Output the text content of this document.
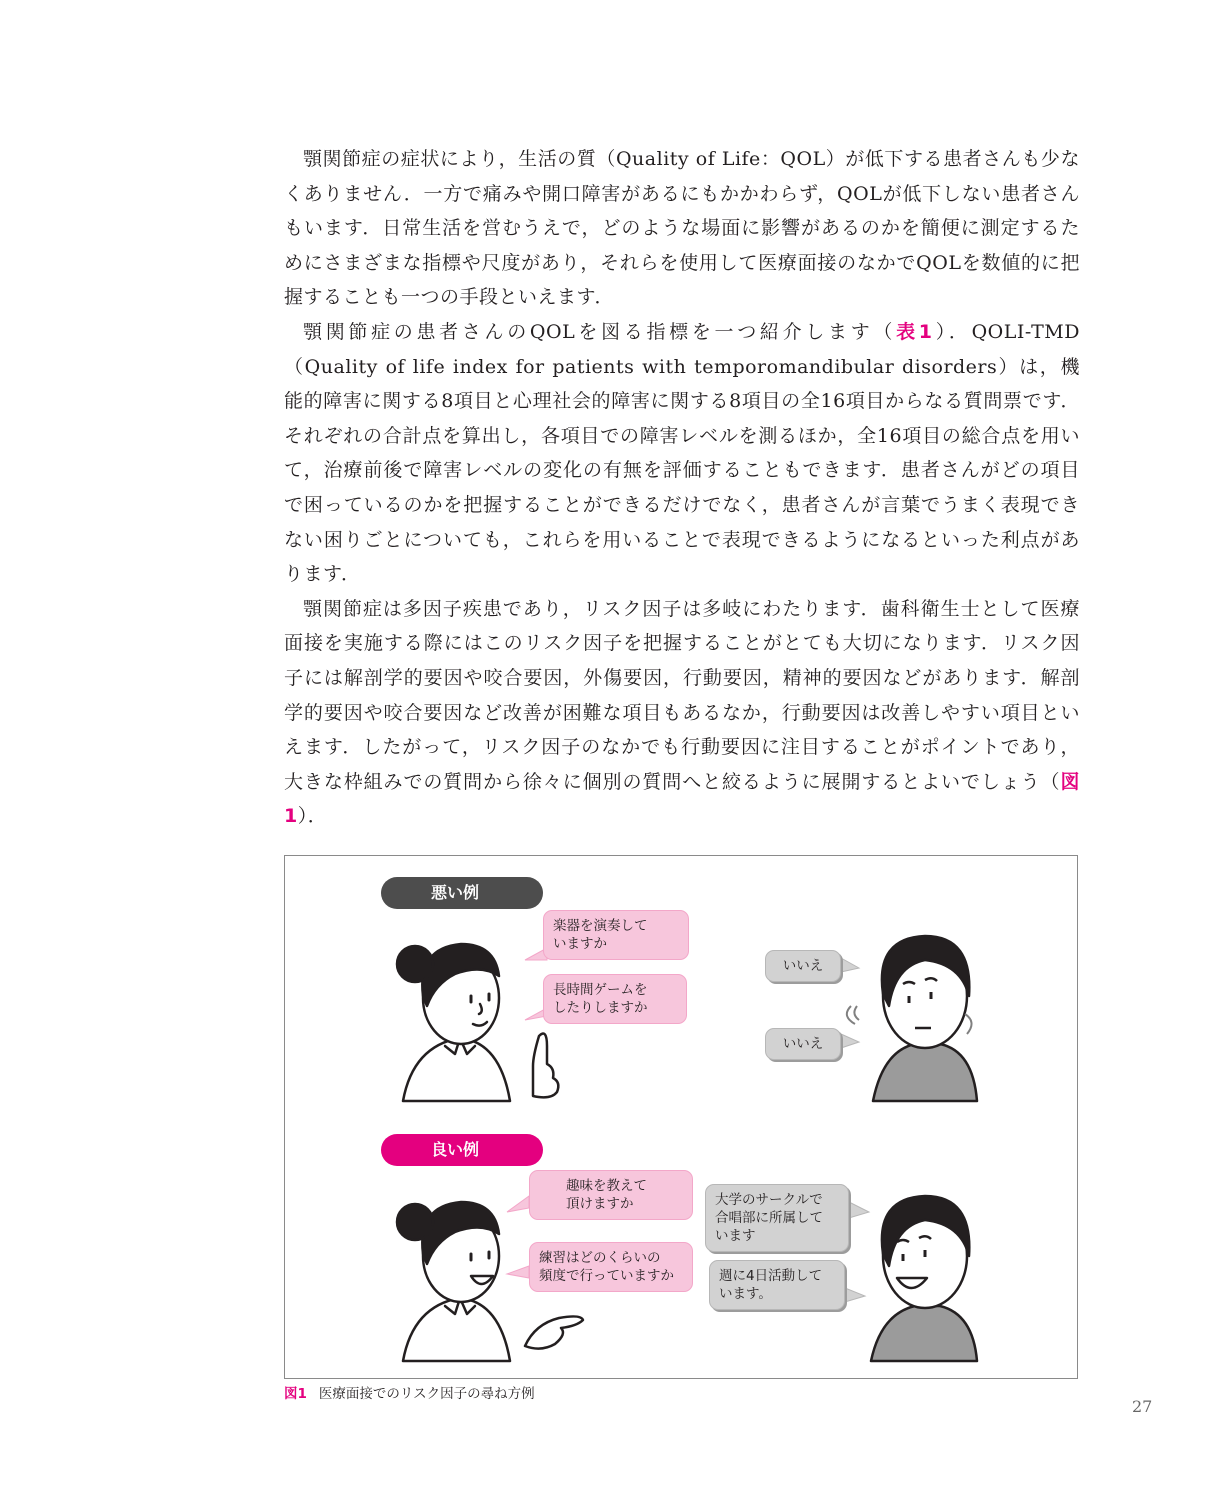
顎関節症の症状により，生活の質（Quality of Life：QOL）が低下する患者さんも少なくありません．一方で痛みや開口障害があるにもかかわらず，QOLが低下しない患者さんもいます．日常生活を営むうえで，どのような場面に影響があるのかを簡便に測定するためにさまざまな指標や尺度があり，それらを使用して医療面接のなかでQOLを数値的に把握することも一つの手段といえます．

顎関節症の患者さんのQOLを図る指標を一つ紹介します（表1）．QOLI-TMD（Quality of life index for patients with temporomandibular disorders）は，機能的障害に関する8項目と心理社会的障害に関する8項目の全16項目からなる質問票です．それぞれの合計点を算出し，各項目での障害レベルを測るほか，全16項目の総合点を用いて，治療前後で障害レベルの変化の有無を評価することもできます．患者さんがどの項目で困っているのかを把握することができるだけでなく，患者さんが言葉でうまく表現できない困りごとについても，これらを用いることで表現できるようになるといった利点があります．

顎関節症は多因子疾患であり，リスク因子は多岐にわたります．歯科衛生士として医療面接を実施する際にはこのリスク因子を把握することがとても大切になります．リスク因子には解剖学的要因や咬合要因，外傷要因，行動要因，精神的要因などがあります．解剖学的要因や咬合要因など改善が困難な項目もあるなか，行動要因は改善しやすい項目といえます．したがって，リスク因子のなかでも行動要因に注目することがポイントであり，大きな枠組みでの質問から徐々に個別の質問へと絞るように展開するとよいでしょう（図1）．

悪い例
楽器を演奏して
いますか
長時間ゲームを
したりしますか
いいえ
いいえ
良い例
趣味を教えて
頂けますか
練習はどのくらいの
頻度で行っていますか
大学のサークルで
合唱部に所属して
います
週に4日活動して
います。
図1 医療面接でのリスク因子の尋ね方例
27
